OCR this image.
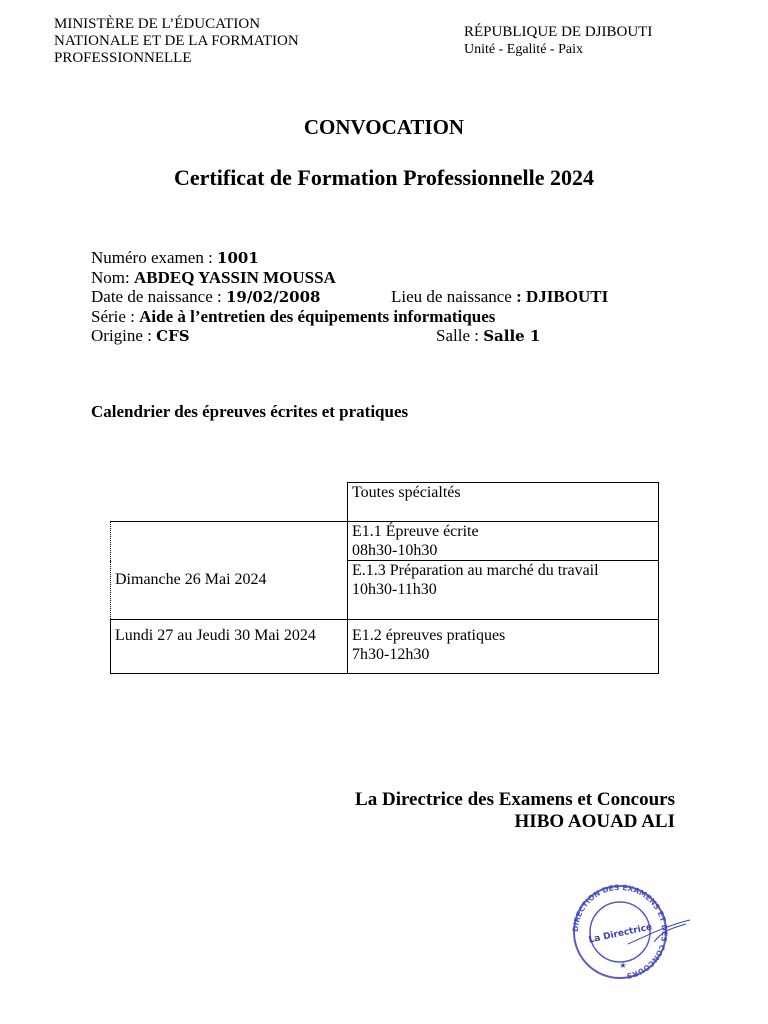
MINISTÈRE DE L’ÉDUCATION
NATIONALE ET DE LA FORMATION
PROFESSIONNELLE
RÉPUBLIQUE DE DJIBOUTI
Unité - Egalité - Paix
CONVOCATION
Certificat de Formation Professionnelle 2024
Numéro examen : 1001
Nom: ABDEQ YASSIN MOUSSA
Date de naissance : 19/02/2008	Lieu de naissance : DJIBOUTI
Série : Aide à l’entretien des équipements informatiques
Origine : CFS	Salle : Salle 1
Calendrier des épreuves écrites et pratiques
	Toutes spécialtés

Dimanche 26 Mai 2024	E1.1 Épreuve écrite
08h30-10h30

	E.1.3 Préparation au marché du travail
10h30-11h30

Lundi 27 au Jeudi 30 Mai 2024	E1.2 épreuves pratiques
7h30-12h30
La Directrice des Examens et Concours
HIBO AOUAD ALI
DIRECTION DES EXAMENS ET DES CONCOURS
La Directrice
★
